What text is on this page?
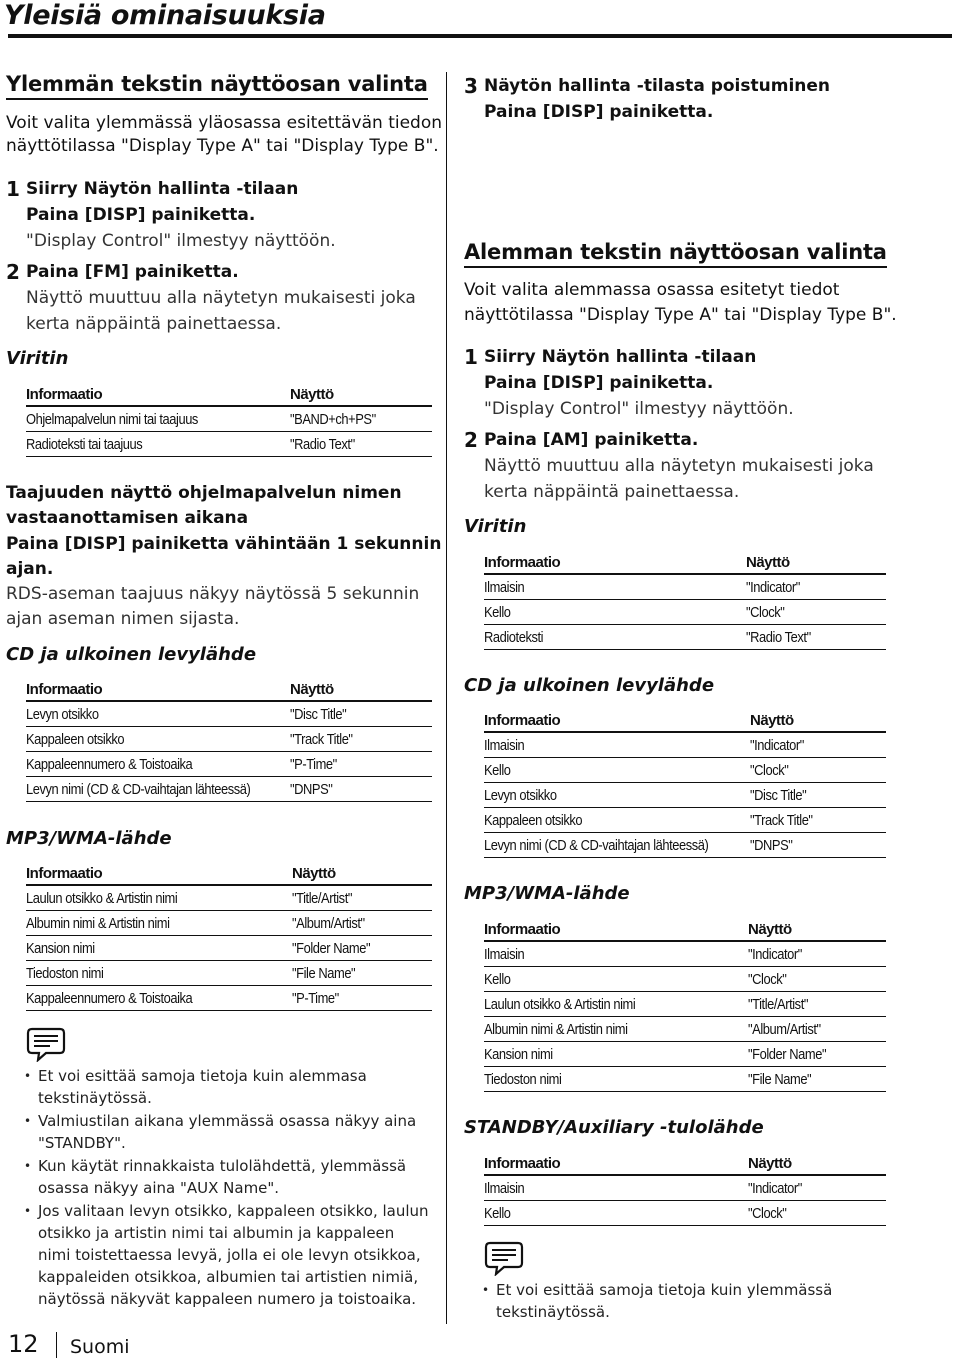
Yleisiä ominaisuuksia
Ylemmän tekstin näyttöosan valinta
Voit valita ylemmässä yläosassa esitettävän tiedon
näyttötilassa "Display Type A" tai "Display Type B".
1 Siirry Näytön hallinta -tilaan
Paina [DISP] painiketta.
"Display Control" ilmestyy näyttöön.
2 Paina [FM] painiketta.
Näyttö muuttuu alla näytetyn mukaisesti joka
kerta näppäintä painettaessa.
Viritin
Informaatio	Näyttö
Ohjelmapalvelun nimi tai taajuus	"BAND+ch+PS"
Radioteksti tai taajuus	"Radio Text"
Taajuuden näyttö ohjelmapalvelun nimen
vastaanottamisen aikana
Paina [DISP] painiketta vähintään 1 sekunnin
ajan.
RDS-aseman taajuus näkyy näytössä 5 sekunnin
ajan aseman nimen sijasta.
CD ja ulkoinen levylähde
Informaatio	Näyttö
Levyn otsikko	"Disc Title"
Kappaleen otsikko	"Track Title"
Kappaleennumero & Toistoaika	"P-Time"
Levyn nimi (CD & CD-vaihtajan lähteessä)	"DNPS"
MP3/WMA-lähde
Informaatio	Näyttö
Laulun otsikko & Artistin nimi	"Title/Artist"
Albumin nimi & Artistin nimi	"Album/Artist"
Kansion nimi	"Folder Name"
Tiedoston nimi	"File Name"
Kappaleennumero & Toistoaika	"P-Time"
• Et voi esittää samoja tietoja kuin alemmasa
tekstinäytössä.
• Valmiustilan aikana ylemmässä osassa näkyy aina
"STANDBY".
• Kun käytät rinnakkaista tulolähdettä, ylemmässä
osassa näkyy aina "AUX Name".
• Jos valitaan levyn otsikko, kappaleen otsikko, laulun
otsikko ja artistin nimi tai albumin ja kappaleen
nimi toistettaessa levyä, jolla ei ole levyn otsikkoa,
kappaleiden otsikkoa, albumien tai artistien nimiä,
näytössä näkyvät kappaleen numero ja toistoaika.
3 Näytön hallinta -tilasta poistuminen
Paina [DISP] painiketta.
Alemman tekstin näyttöosan valinta
Voit valita alemmassa osassa esitetyt tiedot
näyttötilassa "Display Type A" tai "Display Type B".
1 Siirry Näytön hallinta -tilaan
Paina [DISP] painiketta.
"Display Control" ilmestyy näyttöön.
2 Paina [AM] painiketta.
Näyttö muuttuu alla näytetyn mukaisesti joka
kerta näppäintä painettaessa.
Viritin
Informaatio	Näyttö
Ilmaisin	"Indicator"
Kello	"Clock"
Radioteksti	"Radio Text"
CD ja ulkoinen levylähde
Informaatio	Näyttö
Ilmaisin	"Indicator"
Kello	"Clock"
Levyn otsikko	"Disc Title"
Kappaleen otsikko	"Track Title"
Levyn nimi (CD & CD-vaihtajan lähteessä)	"DNPS"
MP3/WMA-lähde
Informaatio	Näyttö
Ilmaisin	"Indicator"
Kello	"Clock"
Laulun otsikko & Artistin nimi	"Title/Artist"
Albumin nimi & Artistin nimi	"Album/Artist"
Kansion nimi	"Folder Name"
Tiedoston nimi	"File Name"
STANDBY/Auxiliary -tulolähde
Informaatio	Näyttö
Ilmaisin	"Indicator"
Kello	"Clock"
• Et voi esittää samoja tietoja kuin ylemmässä
tekstinäytössä.
12 Suomi
